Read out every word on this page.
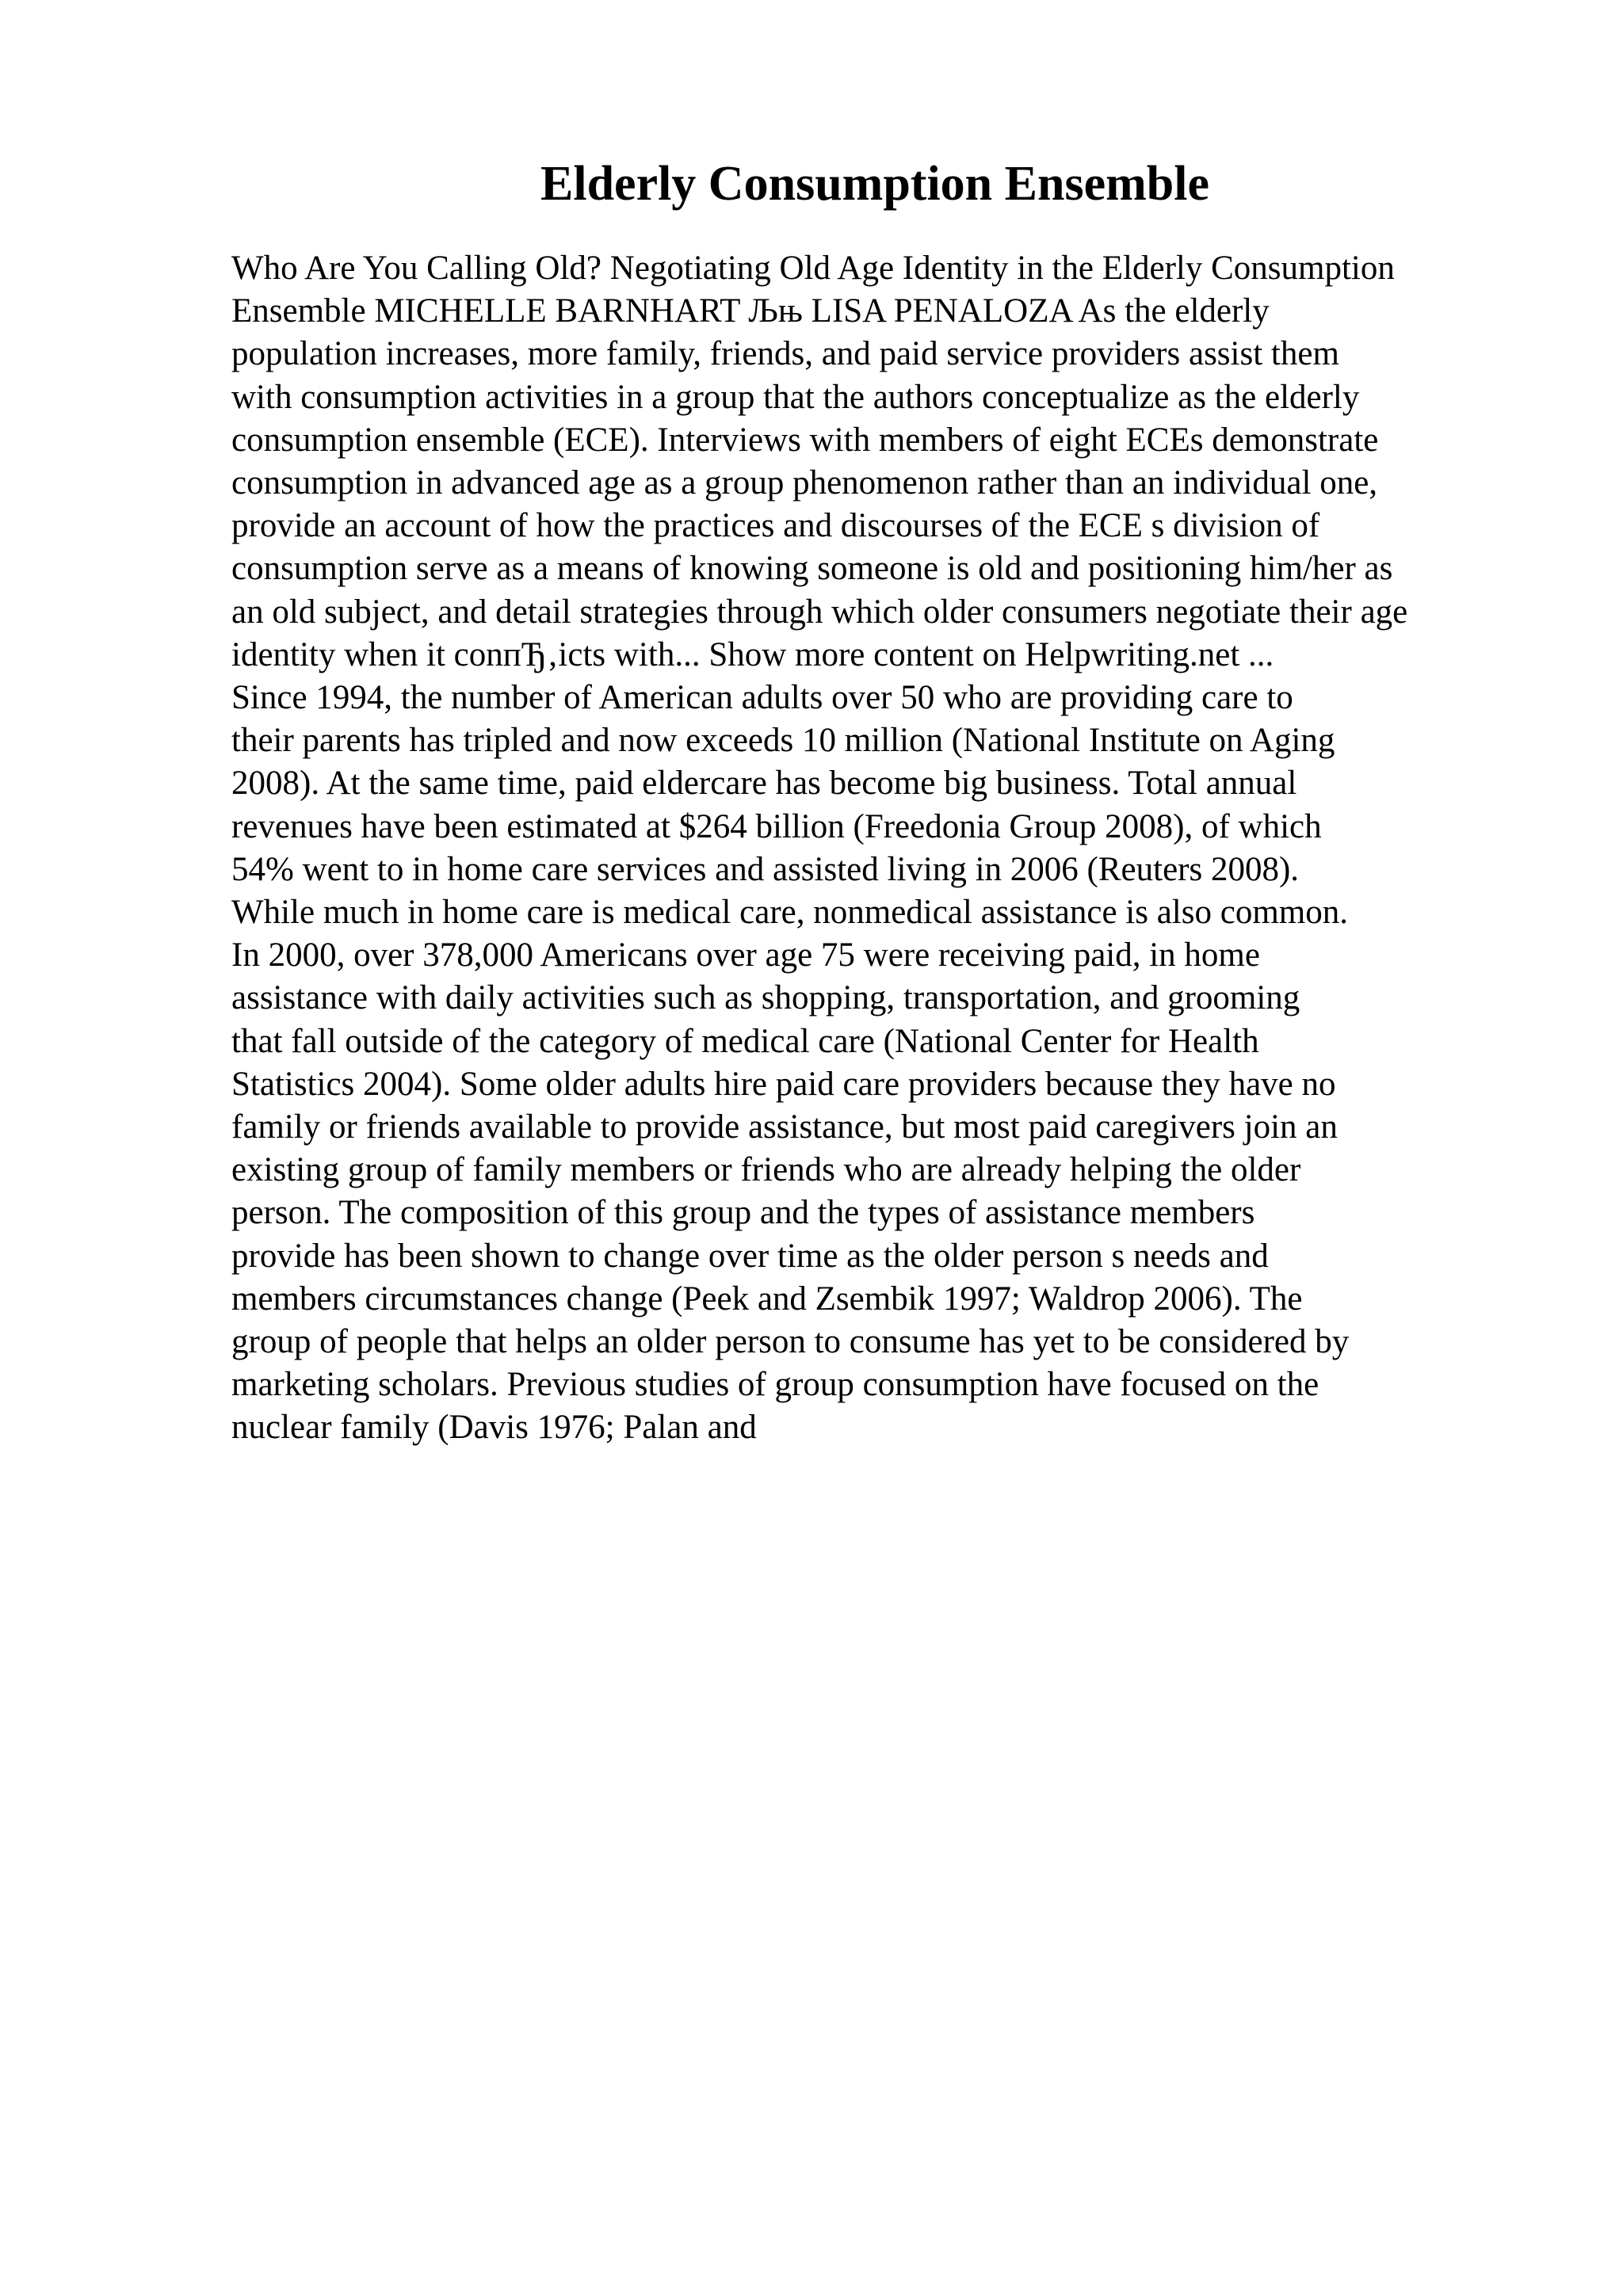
Elderly Consumption Ensemble
Who Are You Calling Old? Negotiating Old Age Identity in the Elderly Consumption
Ensemble MICHELLE BARNHART Љњ LISA PENALOZA As the elderly
population increases, more family, friends, and paid service providers assist them
with consumption activities in a group that the authors conceptualize as the elderly
consumption ensemble (ECE). Interviews with members of eight ECEs demonstrate
consumption in advanced age as a group phenomenon rather than an individual one,
provide an account of how the practices and discourses of the ECE s division of
consumption serve as a means of knowing someone is old and positioning him/her as
an old subject, and detail strategies through which older consumers negotiate their age
identity when it conпЂ‚icts with... Show more content on Helpwriting.net ...
Since 1994, the number of American adults over 50 who are providing care to
their parents has tripled and now exceeds 10 million (National Institute on Aging
2008). At the same time, paid eldercare has become big business. Total annual
revenues have been estimated at $264 billion (Freedonia Group 2008), of which
54% went to in home care services and assisted living in 2006 (Reuters 2008).
While much in home care is medical care, nonmedical assistance is also common.
In 2000, over 378,000 Americans over age 75 were receiving paid, in home
assistance with daily activities such as shopping, transportation, and grooming
that fall outside of the category of medical care (National Center for Health
Statistics 2004). Some older adults hire paid care providers because they have no
family or friends available to provide assistance, but most paid caregivers join an
existing group of family members or friends who are already helping the older
person. The composition of this group and the types of assistance members
provide has been shown to change over time as the older person s needs and
members circumstances change (Peek and Zsembik 1997; Waldrop 2006). The
group of people that helps an older person to consume has yet to be considered by
marketing scholars. Previous studies of group consumption have focused on the
nuclear family (Davis 1976; Palan and
